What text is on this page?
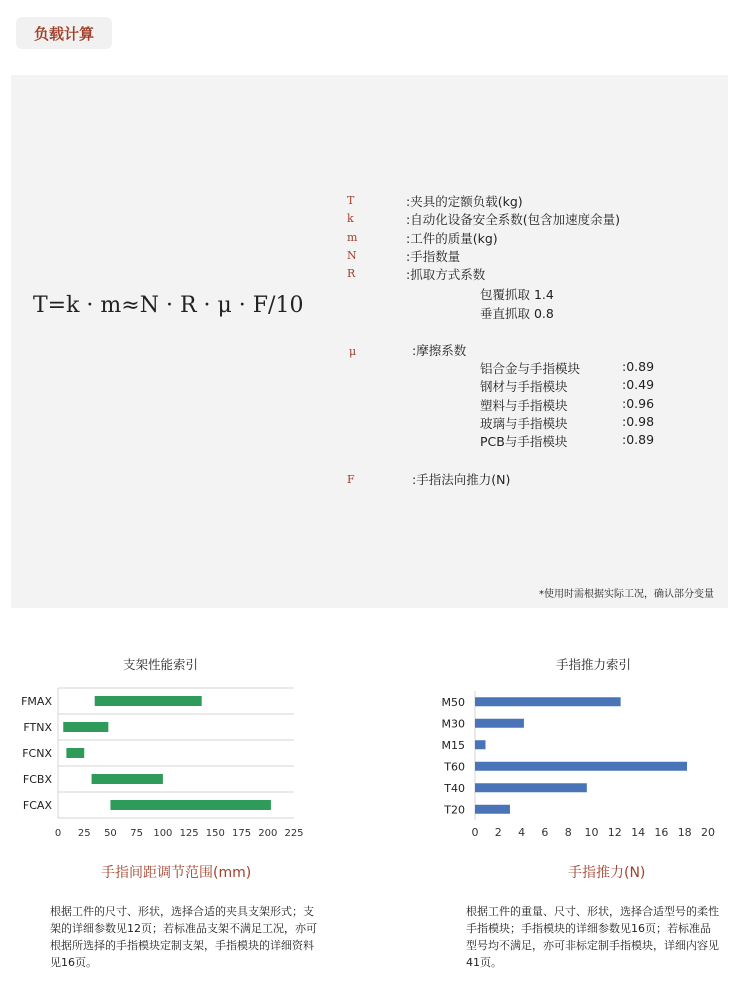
负载计算
T=k · m≈N · R · μ · F/10
T	:夹具的定额负载(kg)
k	:自动化设备安全系数(包含加速度余量)
m	:工件的质量(kg)
N	:手指数量
R	:抓取方式系数
包覆抓取 1.4
垂直抓取 0.8
μ	:摩擦系数
铝合金与手指模块	:0.89
钢材与手指模块	:0.49
塑料与手指模块	:0.96
玻璃与手指模块	:0.98
PCB与手指模块	:0.89
F	:手指法向推力(N)
*使用时需根据实际工况，确认部分变量
支架性能索引
FMAX
FTNX
FCNX
FCBX
FCAX
0 25 50 75 100 125 150 175 200 225
手指间距调节范围(mm)
手指推力索引
M50
M30
M15
T60
T40
T20
0 2 4 6 8 10 12 14 16 18 20
手指推力(N)
根据工件的尺寸、形状，选择合适的夹具支架形式；支架的详细参数见12页；若标准品支架不满足工况，亦可根据所选择的手指模块定制支架，手指模块的详细资料见16页。
根据工件的重量、尺寸、形状，选择合适型号的柔性手指模块；手指模块的详细参数见16页；若标准品型号均不满足，亦可非标定制手指模块，详细内容见41页。
